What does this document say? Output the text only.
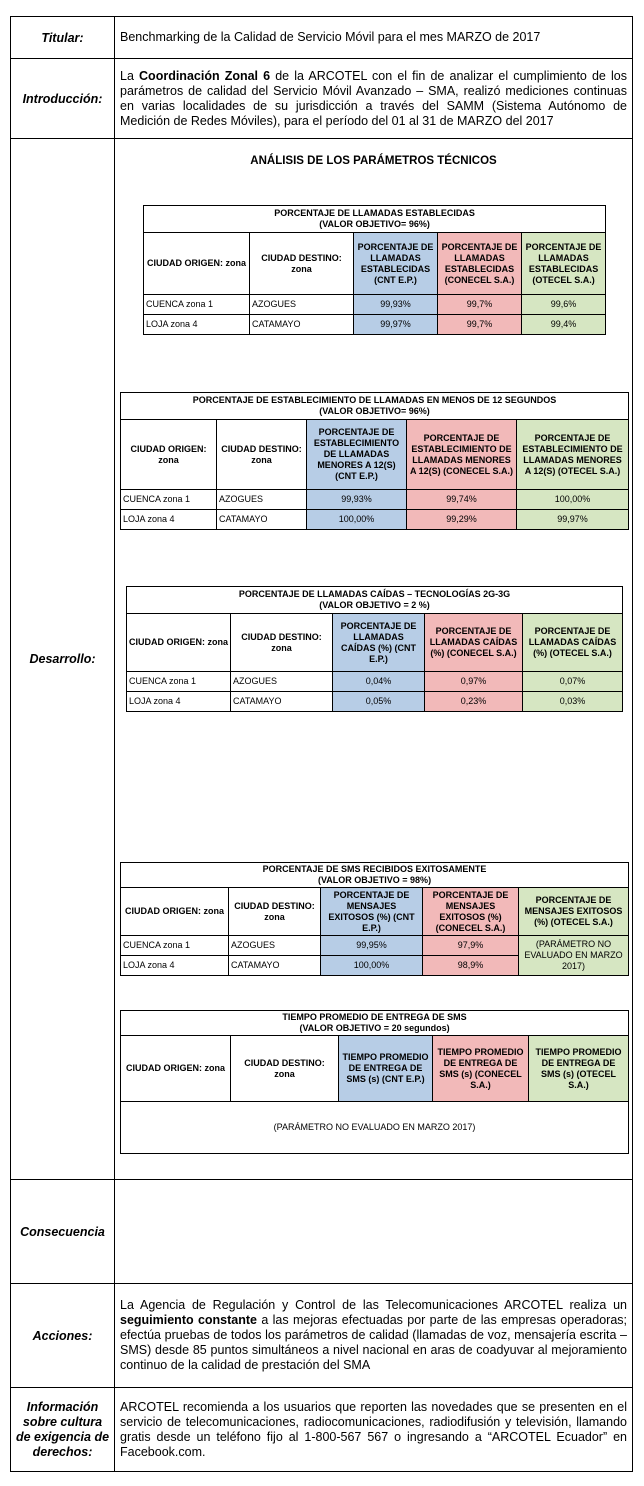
Titular:	Benchmarking de la Calidad de Servicio Móvil para el mes MARZO de 2017
Introducción:	La Coordinación Zonal 6 de la ARCOTEL con el fin de analizar el cumplimiento de los parámetros de calidad del Servicio Móvil Avanzado – SMA, realizó mediciones continuas en varias localidades de su jurisdicción a través del SAMM (Sistema Autónomo de Medición de Redes Móviles), para el período del 01 al 31 de MARZO del 2017
Desarrollo:	
ANÁLISIS DE LOS PARÁMETROS TÉCNICOS
PORCENTAJE DE LLAMADAS ESTABLECIDAS
(VALOR OBJETIVO= 96%)

CIUDAD ORIGEN: zona	CIUDAD DESTINO: zona	PORCENTAJE DE LLAMADAS ESTABLECIDAS (CNT E.P.)	PORCENTAJE DE LLAMADAS ESTABLECIDAS (CONECEL S.A.)	PORCENTAJE DE LLAMADAS ESTABLECIDAS (OTECEL S.A.)
CUENCA zona 1	AZOGUES	99,93%	99,7%	99,6%
LOJA zona 4	CATAMAYO	99,97%	99,7%	99,4%
PORCENTAJE DE ESTABLECIMIENTO DE LLAMADAS EN MENOS DE 12 SEGUNDOS
(VALOR OBJETIVO= 96%)

CIUDAD ORIGEN: zona	CIUDAD DESTINO: zona	PORCENTAJE DE ESTABLECIMIENTO DE LLAMADAS MENORES A 12(S) (CNT E.P.)	PORCENTAJE DE ESTABLECIMIENTO DE LLAMADAS MENORES A 12(S) (CONECEL S.A.)	PORCENTAJE DE ESTABLECIMIENTO DE LLAMADAS MENORES A 12(S) (OTECEL S.A.)
CUENCA zona 1	AZOGUES	99,93%	99,74%	100,00%
LOJA zona 4	CATAMAYO	100,00%	99,29%	99,97%
PORCENTAJE DE LLAMADAS CAÍDAS – TECNOLOGÍAS 2G-3G
(VALOR OBJETIVO = 2 %)

CIUDAD ORIGEN: zona	CIUDAD DESTINO: zona	PORCENTAJE DE LLAMADAS CAÍDAS (%) (CNT E.P.)	PORCENTAJE DE LLAMADAS CAÍDAS (%) (CONECEL S.A.)	PORCENTAJE DE LLAMADAS CAÍDAS (%) (OTECEL S.A.)
CUENCA zona 1	AZOGUES	0,04%	0,97%	0,07%
LOJA zona 4	CATAMAYO	0,05%	0,23%	0,03%
PORCENTAJE DE SMS RECIBIDOS EXITOSAMENTE
(VALOR OBJETIVO = 98%)

CIUDAD ORIGEN: zona	CIUDAD DESTINO: zona	PORCENTAJE DE MENSAJES EXITOSOS (%) (CNT E.P.)	PORCENTAJE DE MENSAJES EXITOSOS (%) (CONECEL S.A.)	PORCENTAJE DE MENSAJES EXITOSOS (%) (OTECEL S.A.)
CUENCA zona 1	AZOGUES	99,95%	97,9%	(PARÁMETRO NO EVALUADO EN MARZO 2017)
LOJA zona 4	CATAMAYO	100,00%	98,9%
TIEMPO PROMEDIO DE ENTREGA DE SMS
(VALOR OBJETIVO = 20 segundos)

CIUDAD ORIGEN: zona	CIUDAD DESTINO: zona	TIEMPO PROMEDIO DE ENTREGA DE SMS (s) (CNT E.P.)	TIEMPO PROMEDIO DE ENTREGA DE SMS (s) (CONECEL S.A.)	TIEMPO PROMEDIO DE ENTREGA DE SMS (s) (OTECEL S.A.)
(PARÁMETRO NO EVALUADO EN MARZO 2017)

Consecuencia	
Acciones:	La Agencia de Regulación y Control de las Telecomunicaciones ARCOTEL realiza un seguimiento constante a las mejoras efectuadas por parte de las empresas operadoras; efectúa pruebas de todos los parámetros de calidad (llamadas de voz, mensajería escrita – SMS) desde 85 puntos simultáneos a nivel nacional en aras de coadyuvar al mejoramiento continuo de la calidad de prestación del SMA
Información sobre cultura de exigencia de derechos:	ARCOTEL recomienda a los usuarios que reporten las novedades que se presenten en el servicio de telecomunicaciones, radiocomunicaciones, radiodifusión y televisión, llamando gratis desde un teléfono fijo al 1-800-567 567 o ingresando a “ARCOTEL Ecuador” en Facebook.com.
